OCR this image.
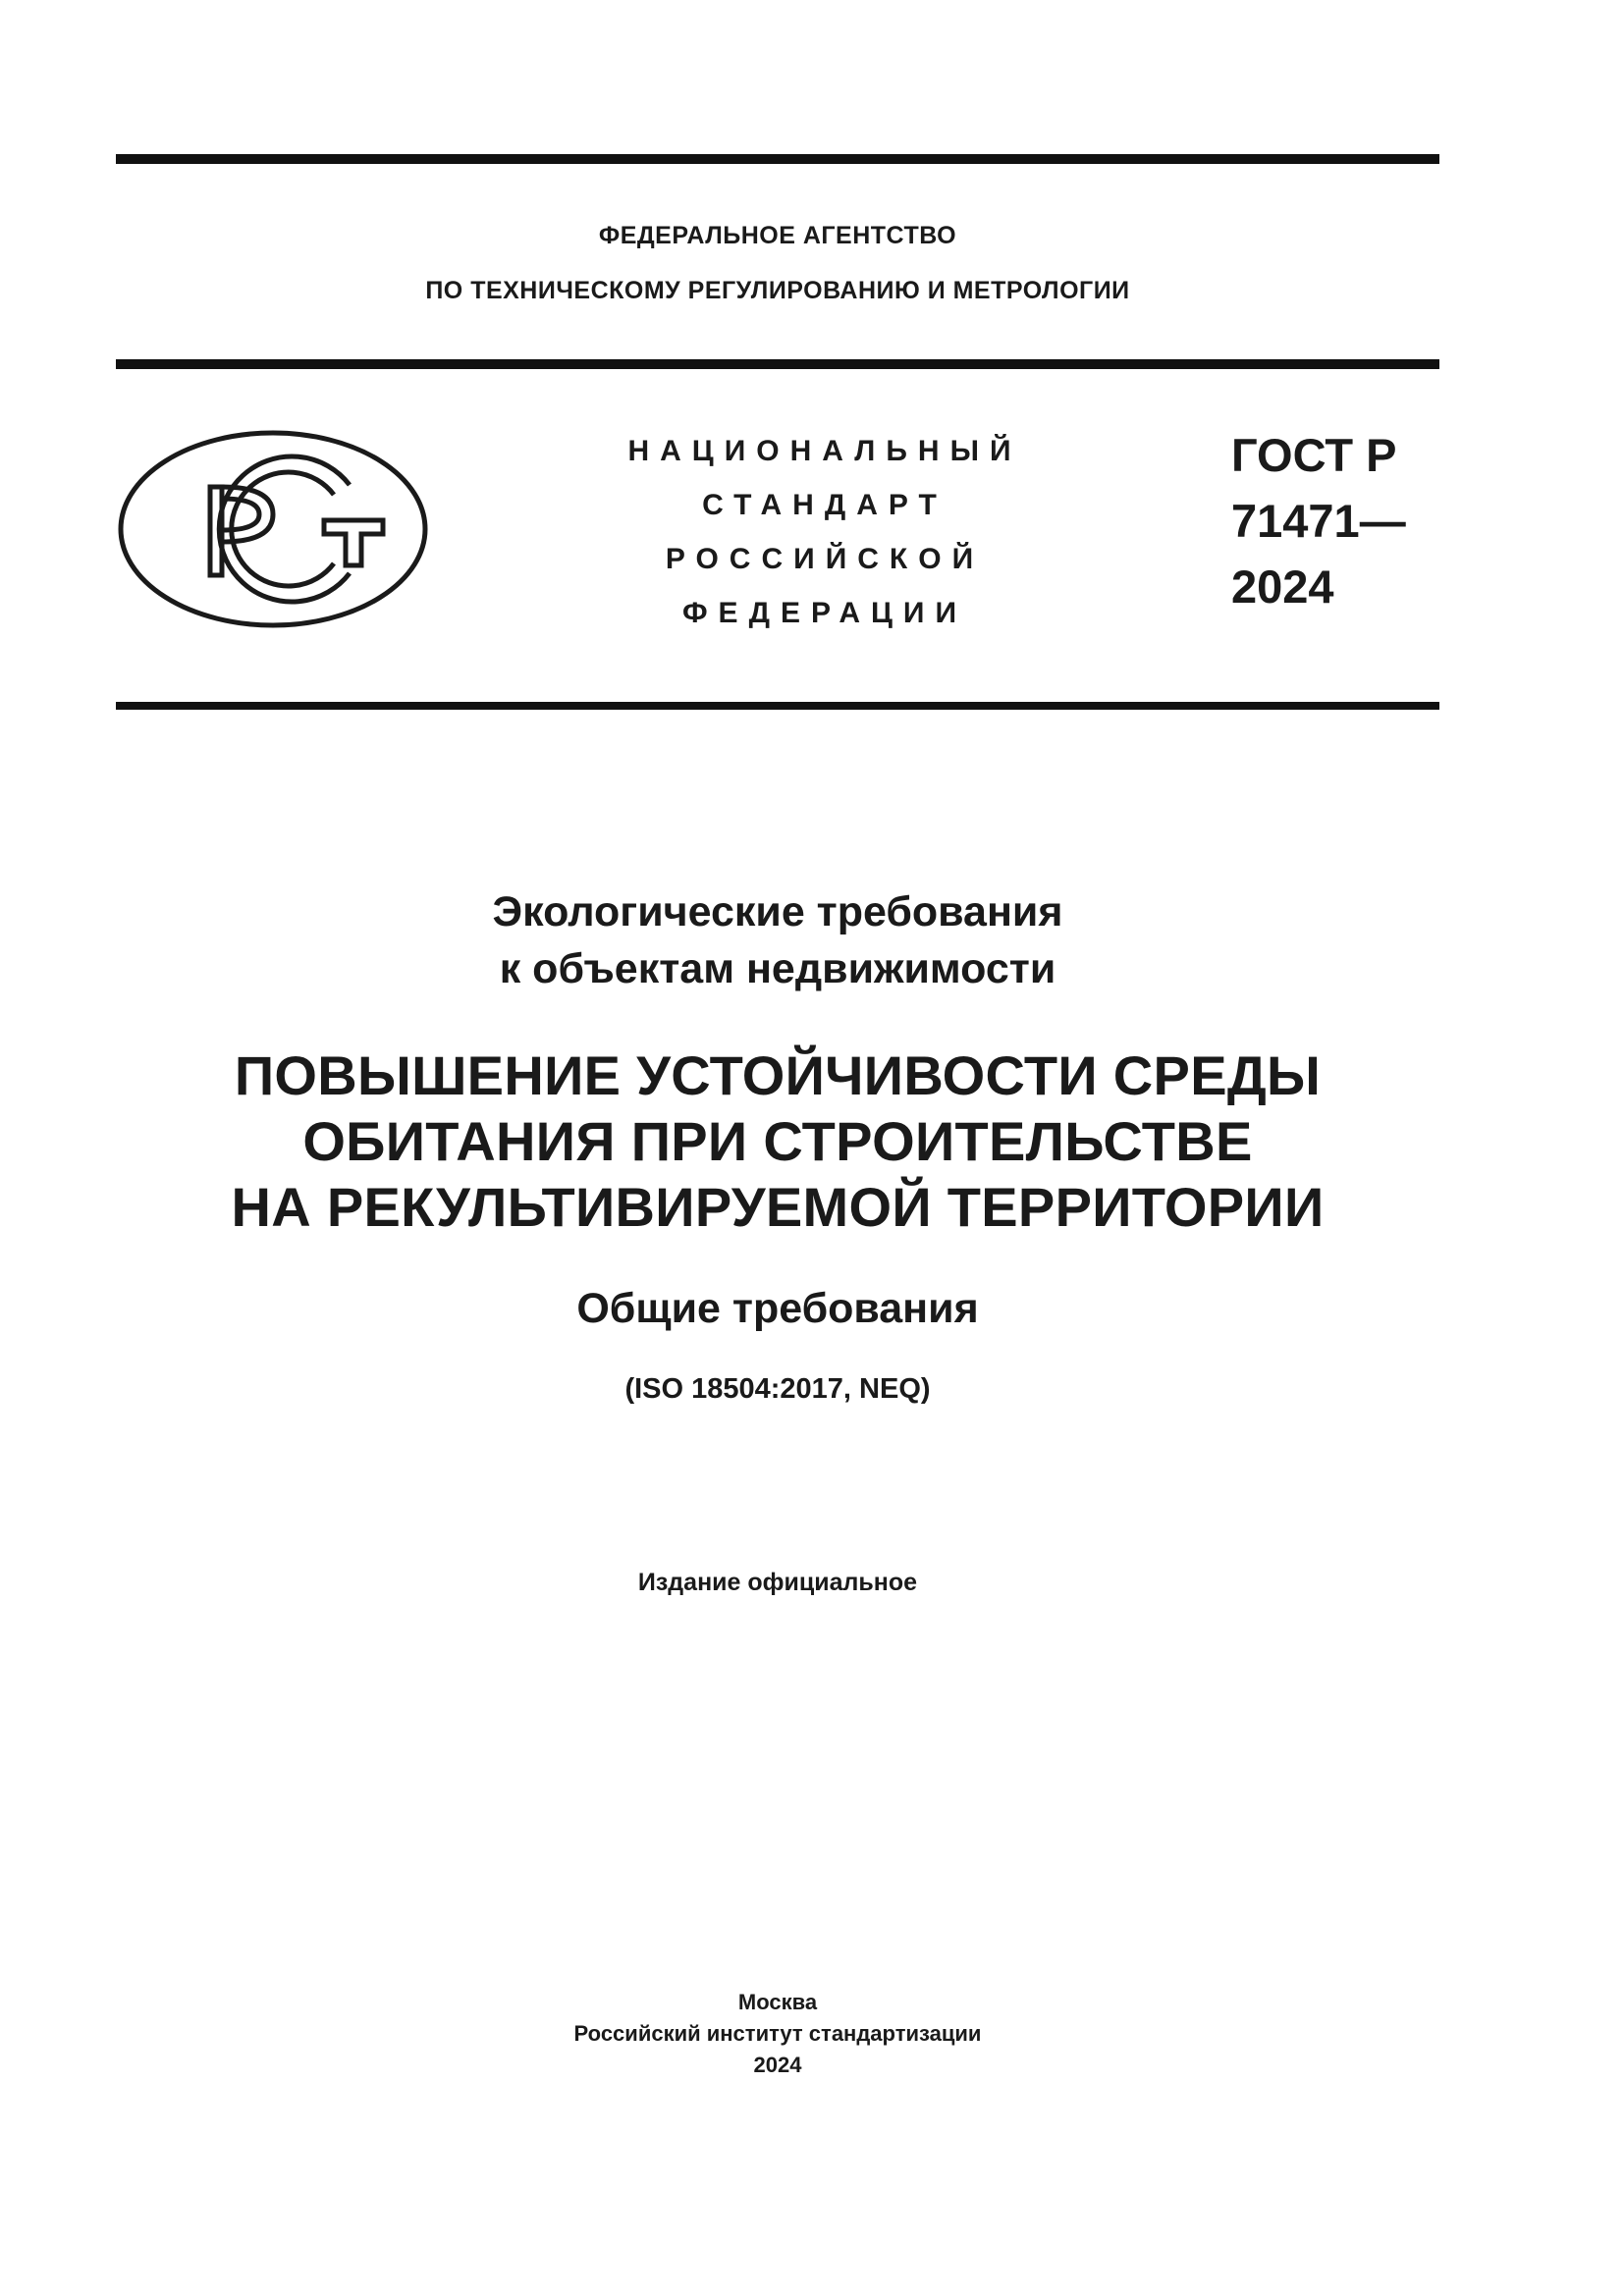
ФЕДЕРАЛЬНОЕ АГЕНТСТВО
ПО ТЕХНИЧЕСКОМУ РЕГУЛИРОВАНИЮ И МЕТРОЛОГИИ
НАЦИОНАЛЬНЫЙ
СТАНДАРТ
РОССИЙСКОЙ
ФЕДЕРАЦИИ
ГОСТ Р
71471—
2024
Экологические требования
к объектам недвижимости
ПОВЫШЕНИЕ УСТОЙЧИВОСТИ СРЕДЫ
ОБИТАНИЯ ПРИ СТРОИТЕЛЬСТВЕ
НА РЕКУЛЬТИВИРУЕМОЙ ТЕРРИТОРИИ
Общие требования
(ISO 18504:2017, NEQ)
Издание официальное
Москва
Российский институт стандартизации
2024
